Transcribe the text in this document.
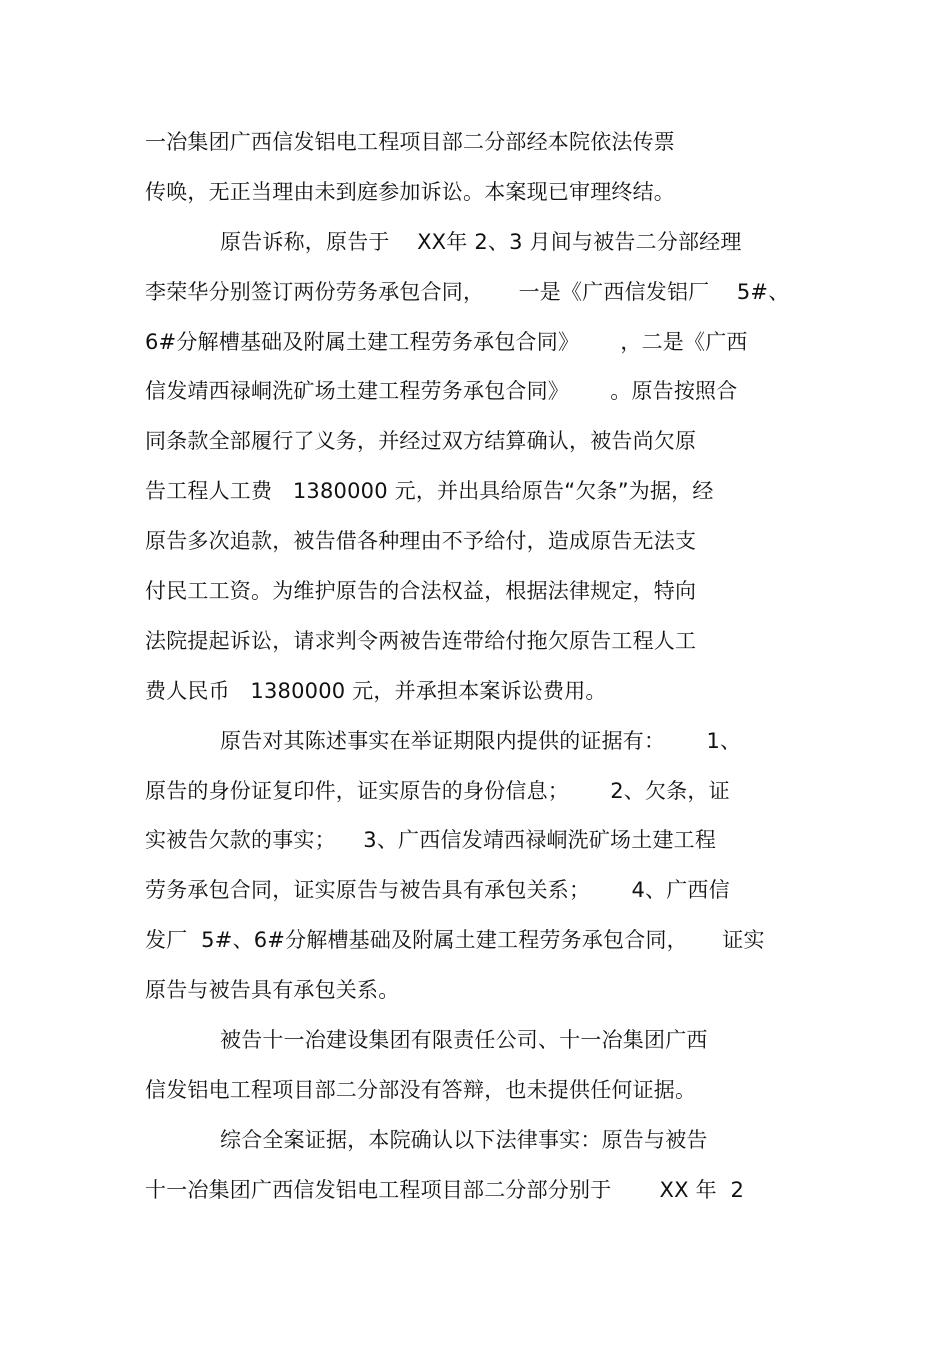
一冶集团广西信发铝电工程项目部二分部经本院依法传票
传唤，无正当理由未到庭参加诉讼。本案现已审理终结。
原告诉称，原告于    XX年 2、3 月间与被告二分部经理
李荣华分别签订两份劳务承包合同，     一是《广西信发铝厂    5#、
6#分解槽基础及附属土建工程劳务承包合同》      ，二是《广西
信发靖西禄峒洗矿场土建工程劳务承包合同》      。原告按照合
同条款全部履行了义务，并经过双方结算确认，被告尚欠原
告工程人工费   1380000 元，并出具给原告“欠条”为据，经
原告多次追款，被告借各种理由不予给付，造成原告无法支
付民工工资。为维护原告的合法权益，根据法律规定，特向
法院提起诉讼，请求判令两被告连带给付拖欠原告工程人工
费人民币   1380000 元，并承担本案诉讼费用。
原告对其陈述事实在举证期限内提供的证据有：      1、
原告的身份证复印件，证实原告的身份信息；      2、欠条，证
实被告欠款的事实；    3、广西信发靖西禄峒洗矿场土建工程
劳务承包合同，证实原告与被告具有承包关系；      4、广西信
发厂  5#、6#分解槽基础及附属土建工程劳务承包合同，     证实
原告与被告具有承包关系。
被告十一冶建设集团有限责任公司、十一冶集团广西
信发铝电工程项目部二分部没有答辩，也未提供任何证据。
综合全案证据，本院确认以下法律事实：原告与被告
十一冶集团广西信发铝电工程项目部二分部分别于       XX 年  2
